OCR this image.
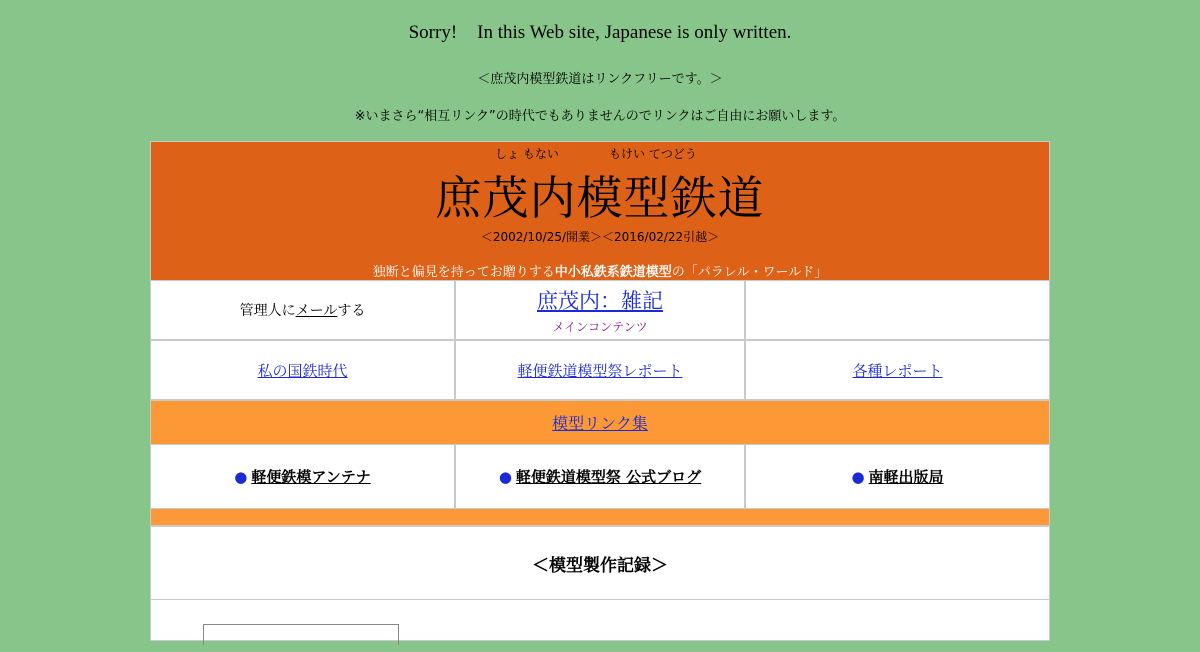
Sorry! In this Web site, Japanese is only written.
＜庶茂内模型鉄道はリンクフリーです。＞
※いまさら“相互リンク”の時代でもありませんのでリンクはご自由にお願いします。
しょ もない	もけい てつどう
庶茂内模型鉄道
＜2002/10/25/開業＞＜2016/02/22引越＞
独断と偏見を持ってお贈りする中小私鉄系鉄道模型の「パラレル・ワールド」
管理人にメールする	庶茂内：雑記
メインコンテンツ
私の国鉄時代	軽便鉄道模型祭レポート	各種レポート
模型リンク集
● 軽便鉄模アンテナ	● 軽便鉄道模型祭 公式ブログ	● 南軽出版局
＜模型製作記録＞
